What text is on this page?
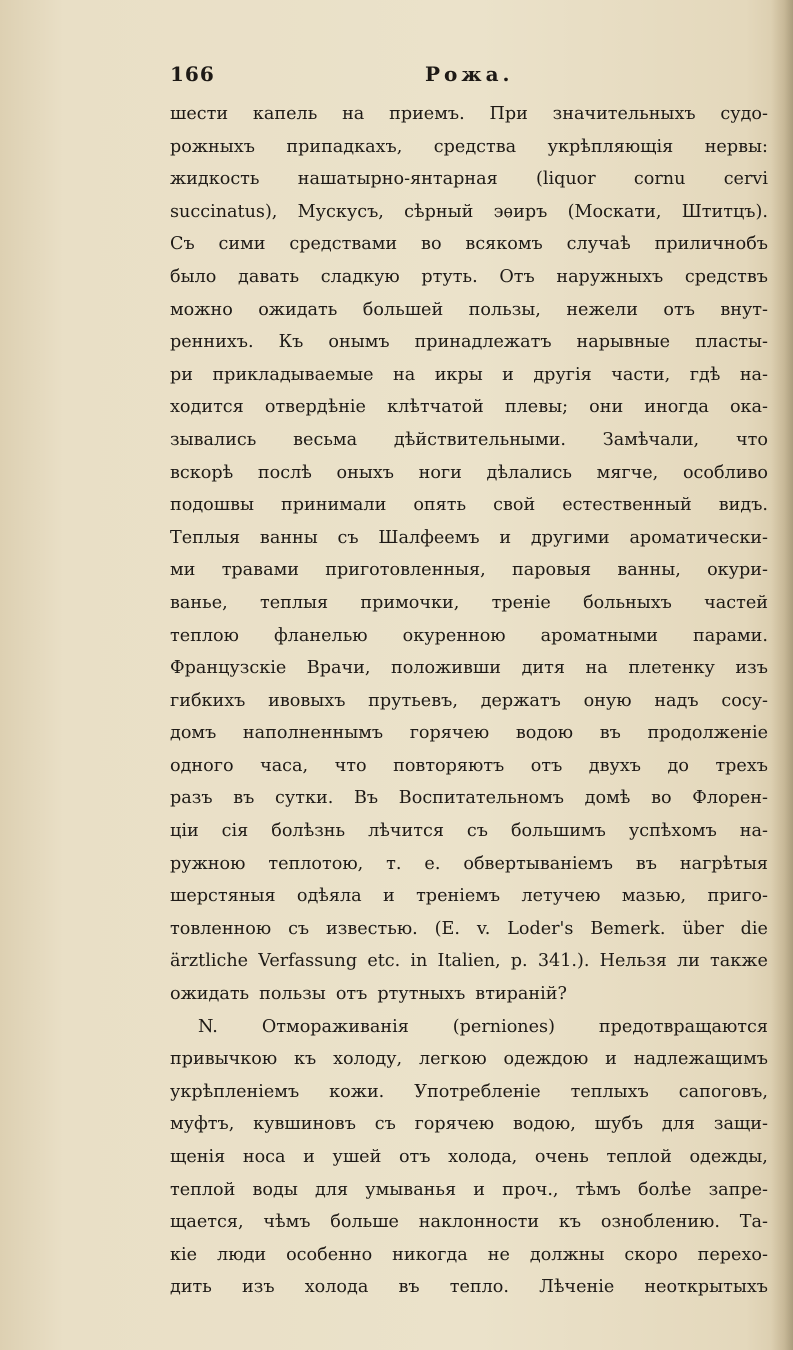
166	Рожа.
шести капель на приемъ. При значительныхъ судо-
рожныхъ припадкахъ, средства укрѣпляющія нервы:
жидкость нашатырно-янтарная (liquor cornu cervi
succinatus), Мускусъ, сѣрный эѳиръ (Москати, Штитцъ).
Съ сими средствами во всякомъ случаѣ приличнобъ
было давать сладкую ртуть. Отъ наружныхъ средствъ
можно ожидать большей пользы, нежели отъ внут-
реннихъ. Къ онымъ принадлежатъ нарывные пласты-
ри прикладываемые на икры и другія части, гдѣ на-
ходится отвердѣніе клѣтчатой плевы; они иногда ока-
зывались весьма дѣйствительными. Замѣчали, что
вскорѣ послѣ оныхъ ноги дѣлались мягче, особливо
подошвы принимали опять свой естественный видъ.
Теплыя ванны съ Шалфеемъ и другими ароматически-
ми травами приготовленныя, паровыя ванны, окури-
ванье, теплыя примочки, треніе больныхъ частей
теплою фланелью окуренною ароматными парами.
Французскіе Врачи, положивши дитя на плетенку изъ
гибкихъ ивовыхъ прутьевъ, держатъ оную надъ сосу-
домъ наполненнымъ горячею водою въ продолженіе
одного часа, что повторяютъ отъ двухъ до трехъ
разъ въ сутки. Въ Воспитательномъ домѣ во Флорен-
ціи сія болѣзнь лѣчится съ большимъ успѣхомъ на-
ружною теплотою, т. е. обвертываніемъ въ нагрѣтыя
шерстяныя одѣяла и треніемъ летучею мазью, приго-
товленною съ известью. (E. v. Loder's Bemerk. über die
ärztliche Verfassung etc. in Italien, p. 341.). Нельзя ли также
ожидать пользы отъ ртутныхъ втираній?
N. Отмораживанія (perniones) предотвращаются
привычкою къ холоду, легкою одеждою и надлежащимъ
укрѣпленіемъ кожи. Употребленіе теплыхъ сапоговъ,
муфтъ, кувшиновъ съ горячею водою, шубъ для защи-
щенія носа и ушей отъ холода, очень теплой одежды,
теплой воды для умыванья и проч., тѣмъ болѣе запре-
щается, чѣмъ больше наклонности къ озноблению. Та-
кіе люди особенно никогда не должны скоро перехо-
дить изъ холода въ тепло. Лѣченіе неоткрытыхъ
